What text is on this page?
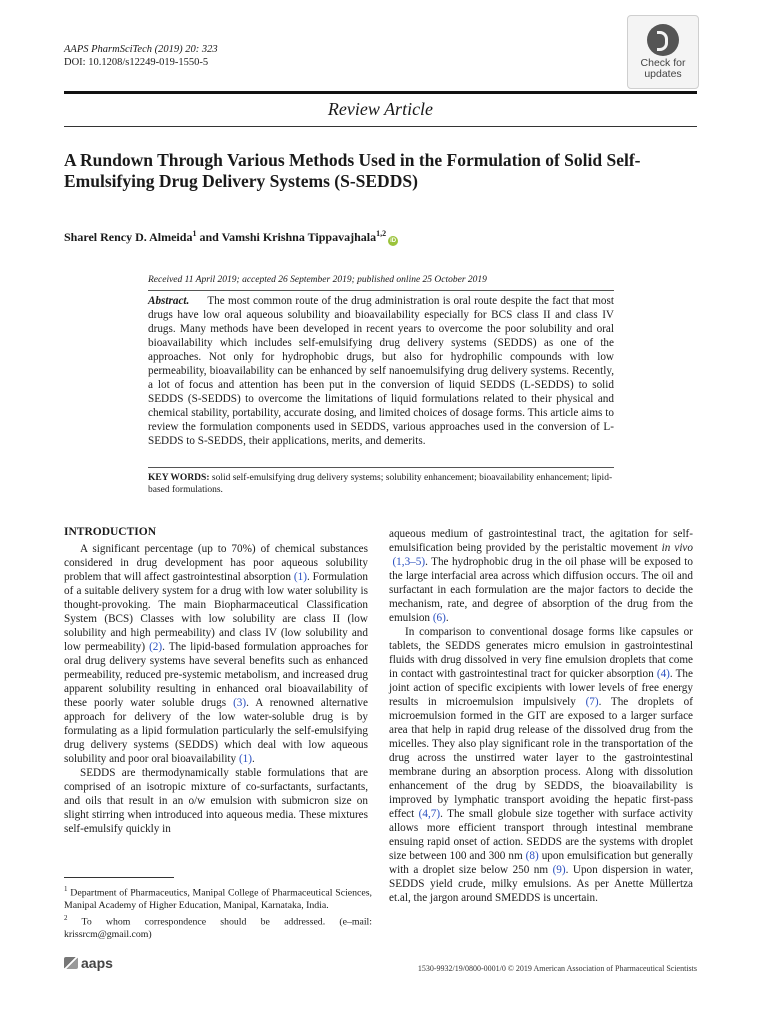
AAPS PharmSciTech (2019) 20: 323
DOI: 10.1208/s12249-019-1550-5	Check for
updates
Review Article
A Rundown Through Various Methods Used in the Formulation of Solid Self-Emulsifying Drug Delivery Systems (S-SEDDS)
Sharel Rency D. Almeida$^1$ and Vamshi Krishna Tippavajhala$^{1,2}$iD
Received 11 April 2019; accepted 26 September 2019; published online 25 October 2019
Abstract. The most common route of the drug administration is oral route despite the fact that most drugs have low oral aqueous solubility and bioavailability especially for BCS class II and class IV drugs. Many methods have been developed in recent years to overcome the poor solubility and oral bioavailability which includes self-emulsifying drug delivery systems (SEDDS) as one of the approaches. Not only for hydrophobic drugs, but also for hydrophilic compounds with low permeability, bioavailability can be enhanced by self nanoemulsifying drug delivery systems. Recently, a lot of focus and attention has been put in the conversion of liquid SEDDS (L-SEDDS) to solid SEDDS (S-SEDDS) to overcome the limitations of liquid formulations related to their physical and chemical stability, portability, accurate dosing, and limited choices of dosage forms. This article aims to review the formulation components used in SEDDS, various approaches used in the conversion of L-SEDDS to S-SEDDS, their applications, merits, and demerits.
KEY WORDS: solid self-emulsifying drug delivery systems; solubility enhancement; bioavailability enhancement; lipid-based formulations.
INTRODUCTION

A significant percentage (up to 70%) of chemical substances considered in drug development has poor aqueous solubility problem that will affect gastrointestinal absorption (1). Formulation of a suitable delivery system for a drug with low water solubility is thought-provoking. The main Biopharmaceutical Classification System (BCS) Classes with low solubility are class II (low solubility and high permeability) and class IV (low solubility and low permeability) (2). The lipid-based formulation approaches for oral drug delivery systems have several benefits such as enhanced permeability, reduced pre-systemic metabolism, and increased drug apparent solubility resulting in enhanced oral bioavailability of these poorly water soluble drugs (3). A renowned alternative approach for delivery of the low water-soluble drug is by formulating as a lipid formulation particularly the self-emulsifying drug delivery systems (SEDDS) which deal with low aqueous solubility and poor oral bioavailability (1).

SEDDS are thermodynamically stable formulations that are comprised of an isotropic mixture of co-surfactants, surfactants, and oils that result in an o/w emulsion with submicron size on slight stirring when introduced into aqueous media. These mixtures self-emulsify quickly in

aqueous medium of gastrointestinal tract, the agitation for self-emulsification being provided by the peristaltic movement in vivo (1,3–5). The hydrophobic drug in the oil phase will be exposed to the large interfacial area across which diffusion occurs. The oil and surfactant in each formulation are the major factors to decide the mechanism, rate, and degree of absorption of the drug from the emulsion (6).

In comparison to conventional dosage forms like capsules or tablets, the SEDDS generates micro emulsion in gastrointestinal fluids with drug dissolved in very fine emulsion droplets that come in contact with gastrointestinal tract for quicker absorption (4). The joint action of specific excipients with lower levels of free energy results in microemulsion impulsively (7). The droplets of microemulsion formed in the GIT are exposed to a larger surface area that help in rapid drug release of the dissolved drug from the micelles. They also play significant role in the transportation of the drug across the unstirred water layer to the gastrointestinal membrane during an absorption process. Along with dissolution enhancement of the drug by SEDDS, the bioavailability is improved by lymphatic transport avoiding the hepatic first-pass effect (4,7). The small globule size together with surface activity allows more efficient transport through intestinal membrane ensuing rapid onset of action. SEDDS are the systems with droplet size between 100 and 300 nm (8) upon emulsification but generally with a droplet size below 250 nm (9). Upon dispersion in water, SEDDS yield crude, milky emulsions. As per Anette Müllertza et.al, the jargon around SMEDDS is uncertain.

$^1$ Department of Pharmaceutics, Manipal College of Pharmaceutical Sciences, Manipal Academy of Higher Education, Manipal, Karnataka, India.
$^2$ To whom correspondence should be addressed. (e–mail: krissrcm@gmail.com)
aaps	1530-9932/19/0800-0001/0 © 2019 American Association of Pharmaceutical Scientists
